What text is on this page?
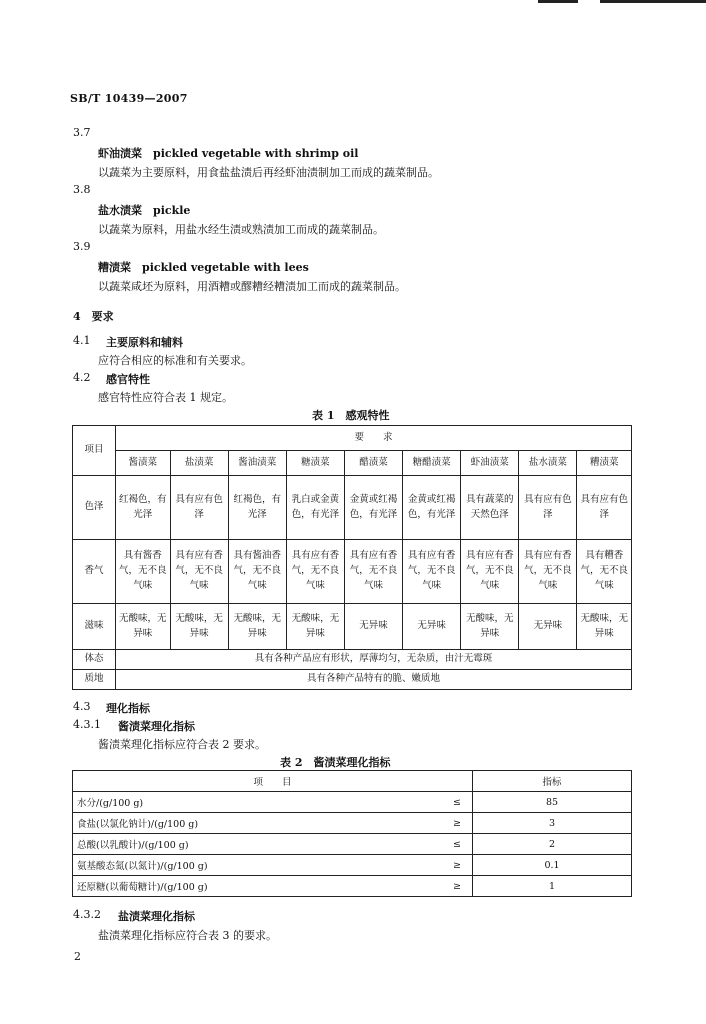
SB/T 10439—2007
3.7
虾油渍菜　pickled vegetable with shrimp oil
以蔬菜为主要原料，用食盐盐渍后再经虾油渍制加工而成的蔬菜制品。
3.8
盐水渍菜　pickle
以蔬菜为原料，用盐水经生渍或熟渍加工而成的蔬菜制品。
3.9
糟渍菜　pickled vegetable with lees
以蔬菜咸坯为原料，用酒糟或醪糟经糟渍加工而成的蔬菜制品。
4　要求
4.1 主要原料和辅料
应符合相应的标准和有关要求。
4.2 感官特性
感官特性应符合表 1 规定。
表 1　感观特性
项目	要　　求								
	酱渍菜	盐渍菜	酱油渍菜	糖渍菜	醋渍菜	糖醋渍菜	虾油渍菜	盐水渍菜	糟渍菜
色泽	红褐色，有光泽	具有应有色泽	红褐色，有光泽	乳白或金黄色，有光泽	金黄或红褐色，有光泽	金黄或红褐色，有光泽	具有蔬菜的天然色泽	具有应有色泽	具有应有色泽
香气	具有酱香气，无不良气味	具有应有香气，无不良气味	具有酱油香气，无不良气味	具有应有香气，无不良气味	具有应有香气，无不良气味	具有应有香气，无不良气味	具有应有香气，无不良气味	具有应有香气，无不良气味	具有糟香气，无不良气味
滋味	无酸味，无异味	无酸味，无异味	无酸味，无异味	无酸味，无异味	无异味	无异味	无酸味，无异味	无异味	无酸味，无异味
体态	具有各种产品应有形状，厚薄均匀，无杂质，由汁无霉斑								
质地	具有各种产品特有的脆、嫩质地								
4.3 理化指标
4.3.1 酱渍菜理化指标
酱渍菜理化指标应符合表 2 要求。
表 2　酱渍菜理化指标
项　　目		指标
水分/(g/100 g)	≤	85
食盐(以氯化钠计)/(g/100 g)	≥	3
总酸(以乳酸计)/(g/100 g)	≤	2
氨基酸态氮(以氮计)/(g/100 g)	≥	0.1
还原糖(以葡萄糖计)/(g/100 g)	≥	1
4.3.2 盐渍菜理化指标
盐渍菜理化指标应符合表 3 的要求。
2
